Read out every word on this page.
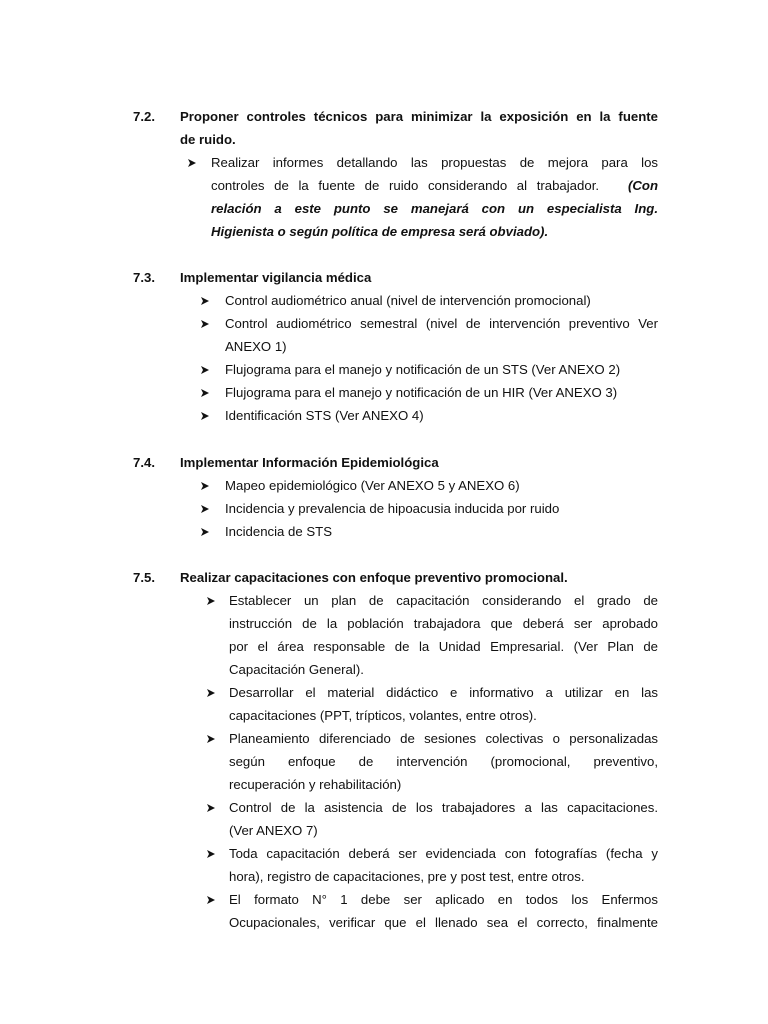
7.2. Proponer controles técnicos para minimizar la exposición en la fuente
de ruido.
Realizar informes detallando las propuestas de mejora para los
controles de la fuente de ruido considerando al trabajador. (Con
relación a este punto se manejará con un especialista Ing.
Higienista o según política de empresa será obviado).
7.3. Implementar vigilancia médica
Control audiométrico anual (nivel de intervención promocional)
Control audiométrico semestral (nivel de intervención preventivo Ver
ANEXO 1)
Flujograma para el manejo y notificación de un STS (Ver ANEXO 2)
Flujograma para el manejo y notificación de un HIR (Ver ANEXO 3)
Identificación STS (Ver ANEXO 4)
7.4. Implementar Información Epidemiológica
Mapeo epidemiológico (Ver ANEXO 5 y ANEXO 6)
Incidencia y prevalencia de hipoacusia inducida por ruido
Incidencia de STS
7.5. Realizar capacitaciones con enfoque preventivo promocional.
Establecer un plan de capacitación considerando el grado de
instrucción de la población trabajadora que deberá ser aprobado
por el área responsable de la Unidad Empresarial. (Ver Plan de
Capacitación General).
Desarrollar el material didáctico e informativo a utilizar en las
capacitaciones (PPT, trípticos, volantes, entre otros).
Planeamiento diferenciado de sesiones colectivas o personalizadas
según enfoque de intervención (promocional, preventivo,
recuperación y rehabilitación)
Control de la asistencia de los trabajadores a las capacitaciones.
(Ver ANEXO 7)
Toda capacitación deberá ser evidenciada con fotografías (fecha y
hora), registro de capacitaciones, pre y post test, entre otros.
El formato N° 1 debe ser aplicado en todos los Enfermos
Ocupacionales, verificar que el llenado sea el correcto, finalmente
